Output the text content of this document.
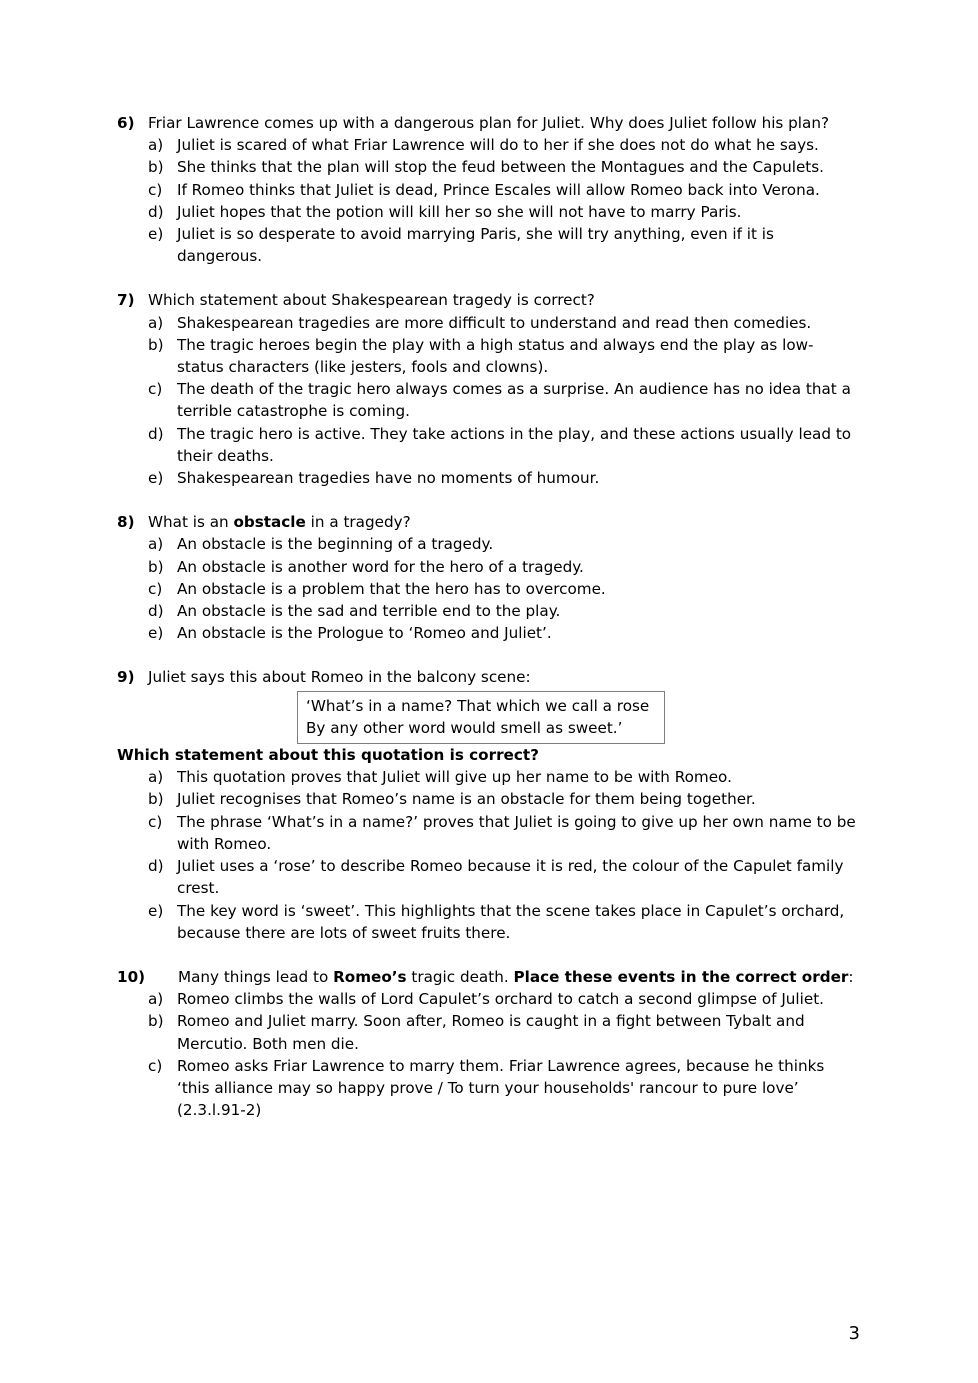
6) Friar Lawrence comes up with a dangerous plan for Juliet. Why does Juliet follow his plan?
a) Juliet is scared of what Friar Lawrence will do to her if she does not do what he says.
b) She thinks that the plan will stop the feud between the Montagues and the Capulets.
c) If Romeo thinks that Juliet is dead, Prince Escales will allow Romeo back into Verona.
d) Juliet hopes that the potion will kill her so she will not have to marry Paris.
e) Juliet is so desperate to avoid marrying Paris, she will try anything, even if it is dangerous.
7) Which statement about Shakespearean tragedy is correct?
a) Shakespearean tragedies are more difficult to understand and read then comedies.
b) The tragic heroes begin the play with a high status and always end the play as low-status characters (like jesters, fools and clowns).
c) The death of the tragic hero always comes as a surprise. An audience has no idea that a terrible catastrophe is coming.
d) The tragic hero is active. They take actions in the play, and these actions usually lead to their deaths.
e) Shakespearean tragedies have no moments of humour.
8) What is an obstacle in a tragedy?
a) An obstacle is the beginning of a tragedy.
b) An obstacle is another word for the hero of a tragedy.
c) An obstacle is a problem that the hero has to overcome.
d) An obstacle is the sad and terrible end to the play.
e) An obstacle is the Prologue to ‘Romeo and Juliet’.
9) Juliet says this about Romeo in the balcony scene:

‘What’s in a name? That which we call a rose

By any other word would smell as sweet.’

Which statement about this quotation is correct?
a) This quotation proves that Juliet will give up her name to be with Romeo.
b) Juliet recognises that Romeo’s name is an obstacle for them being together.
c) The phrase ‘What’s in a name?’ proves that Juliet is going to give up her own name to be with Romeo.
d) Juliet uses a ‘rose’ to describe Romeo because it is red, the colour of the Capulet family crest.
e) The key word is ‘sweet’. This highlights that the scene takes place in Capulet’s orchard, because there are lots of sweet fruits there.
10) Many things lead to Romeo’s tragic death. Place these events in the correct order:
a) Romeo climbs the walls of Lord Capulet’s orchard to catch a second glimpse of Juliet.
b) Romeo and Juliet marry. Soon after, Romeo is caught in a fight between Tybalt and Mercutio. Both men die.
c) Romeo asks Friar Lawrence to marry them. Friar Lawrence agrees, because he thinks ‘this alliance may so happy prove / To turn your households' rancour to pure love’ (2.3.l.91-2)
3
